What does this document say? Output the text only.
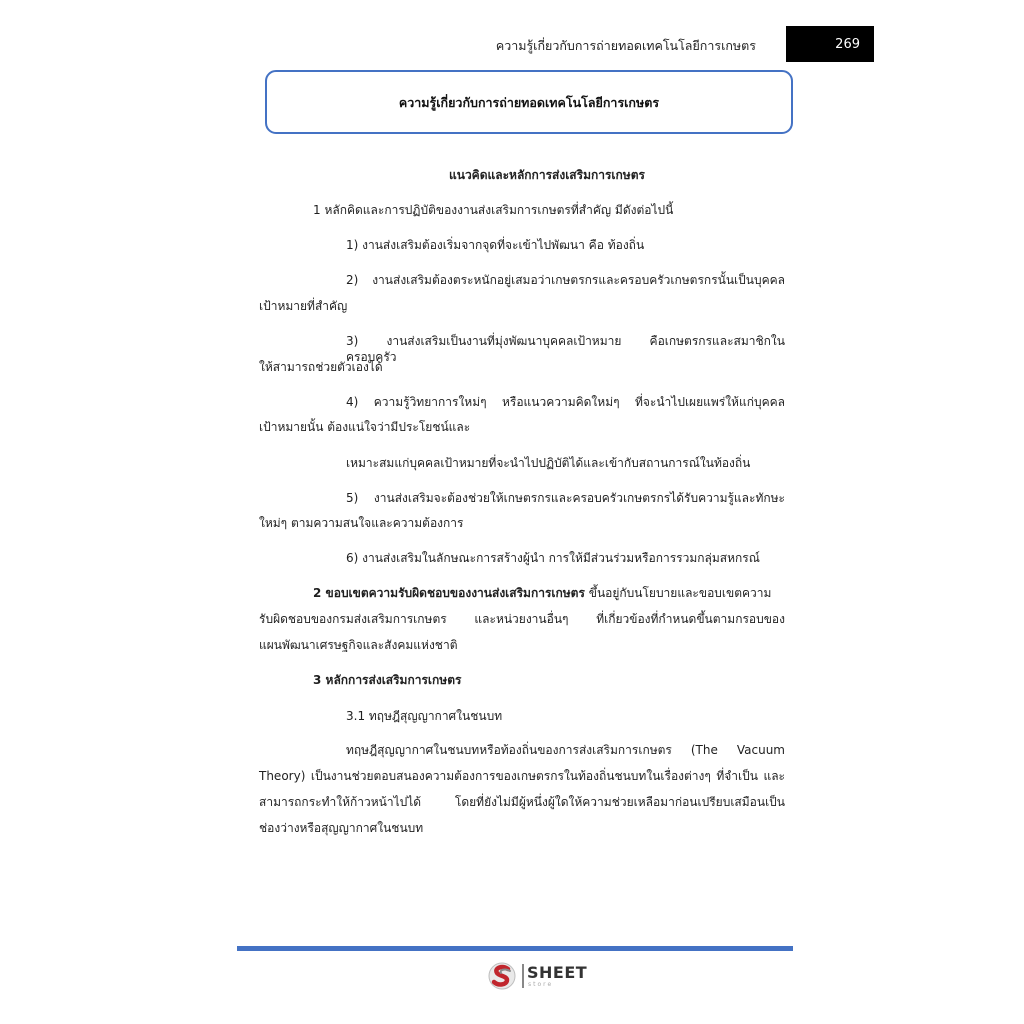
ความรู้เกี่ยวกับการถ่ายทอดเทคโนโลยีการเกษตร	269
ความรู้เกี่ยวกับการถ่ายทอดเทคโนโลยีการเกษตร
แนวคิดและหลักการส่งเสริมการเกษตร
1 หลักคิดและการปฏิบัติของงานส่งเสริมการเกษตรที่สำคัญ มีดังต่อไปนี้
1) งานส่งเสริมต้องเริ่มจากจุดที่จะเข้าไปพัฒนา คือ ท้องถิ่น
2) งานส่งเสริมต้องตระหนักอยู่เสมอว่าเกษตรกรและครอบครัวเกษตรกรนั้นเป็นบุคคล
เป้าหมายที่สำคัญ
3) งานส่งเสริมเป็นงานที่มุ่งพัฒนาบุคคลเป้าหมาย คือเกษตรกรและสมาชิกในครอบครัว
ให้สามารถช่วยตัวเองได้
4) ความรู้วิทยาการใหม่ๆ หรือแนวความคิดใหม่ๆ ที่จะนำไปเผยแพร่ให้แก่บุคคล
เป้าหมายนั้น ต้องแน่ใจว่ามีประโยชน์และ
เหมาะสมแก่บุคคลเป้าหมายที่จะนำไปปฏิบัติได้และเข้ากับสถานการณ์ในท้องถิ่น
5) งานส่งเสริมจะต้องช่วยให้เกษตรกรและครอบครัวเกษตรกรได้รับความรู้และทักษะ
ใหม่ๆ ตามความสนใจและความต้องการ
6) งานส่งเสริมในลักษณะการสร้างผู้นำ การให้มีส่วนร่วมหรือการรวมกลุ่มสหกรณ์
2 ขอบเขตความรับผิดชอบของงานส่งเสริมการเกษตร ขึ้นอยู่กับนโยบายและขอบเขตความ
รับผิดชอบของกรมส่งเสริมการเกษตร และหน่วยงานอื่นๆ ที่เกี่ยวข้องที่กำหนดขึ้นตามกรอบของ
แผนพัฒนาเศรษฐกิจและสังคมแห่งชาติ
3 หลักการส่งเสริมการเกษตร
3.1 ทฤษฎีสุญญากาศในชนบท
ทฤษฎีสุญญากาศในชนบทหรือท้องถิ่นของการส่งเสริมการเกษตร (The Vacuum
Theory) เป็นงานช่วยตอบสนองความต้องการของเกษตรกรในท้องถิ่นชนบทในเรื่องต่างๆ ที่จำเป็น และ
สามารถกระทำให้ก้าวหน้าไปได้ โดยที่ยังไม่มีผู้หนึ่งผู้ใดให้ความช่วยเหลือมาก่อนเปรียบเสมือนเป็น
ช่องว่างหรือสุญญากาศในชนบท
SHEET
store
